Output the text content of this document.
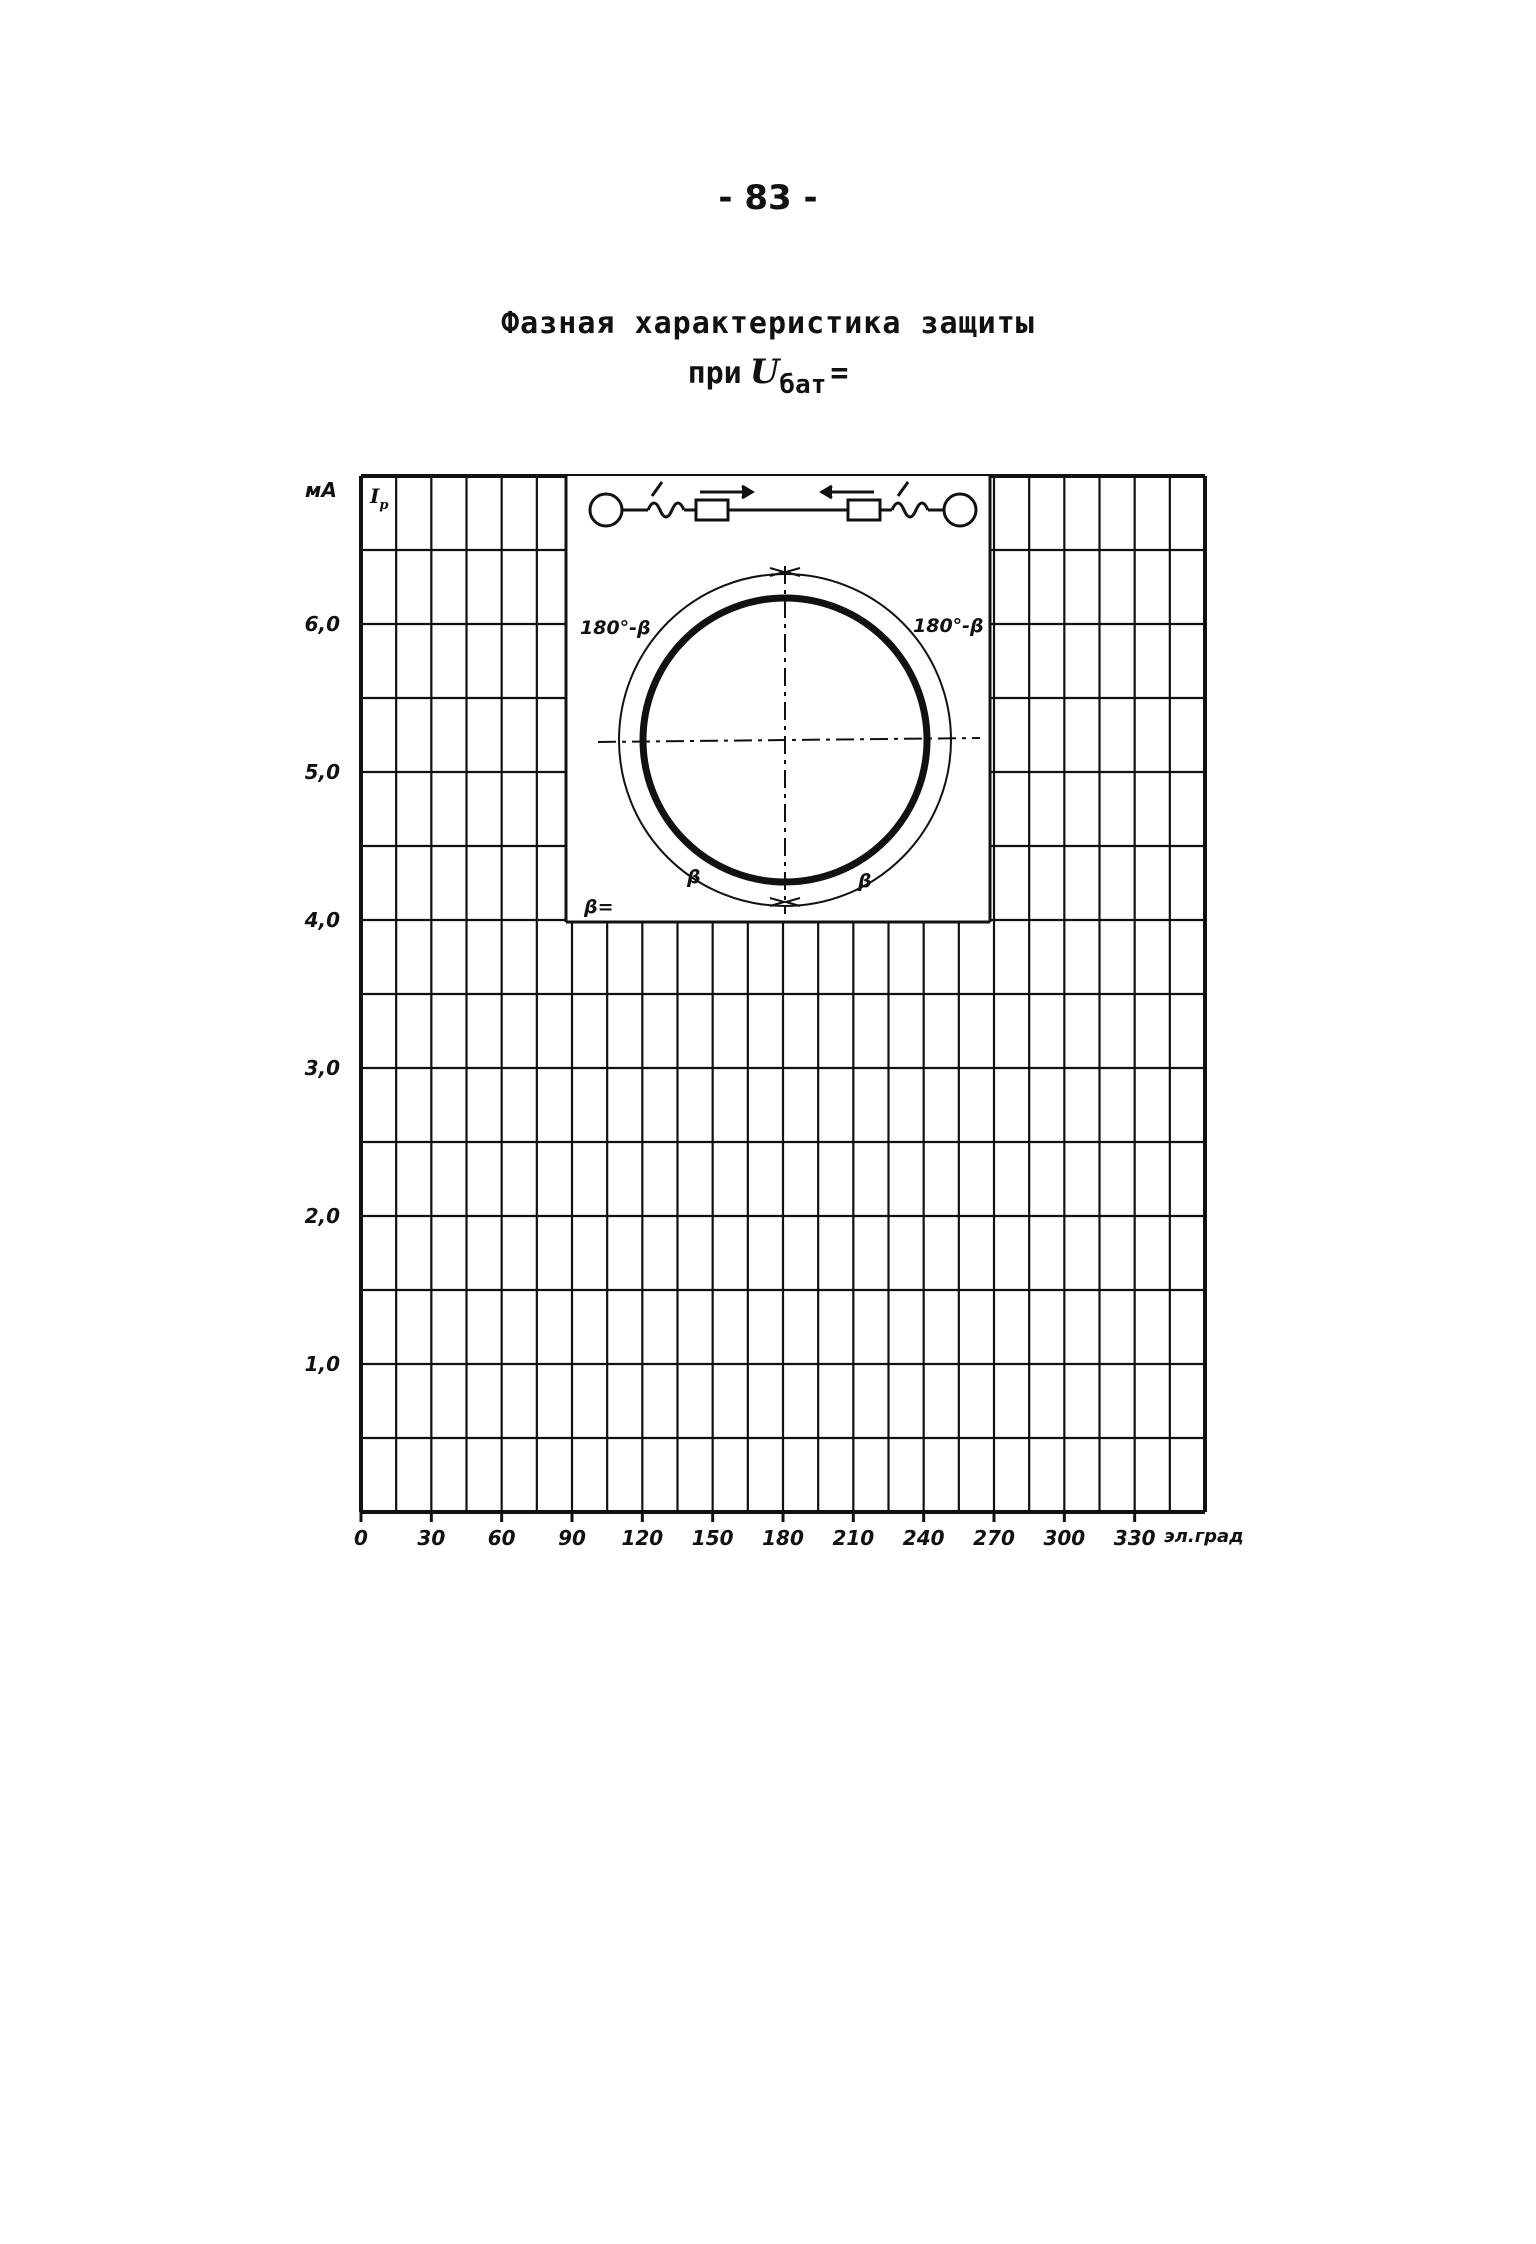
- 83 -
Фазная характеристика защиты
при Uбат =
180°-β	180°-β
β	β
β=
мА $I_р$
эл.град
6,0
5,0
4,0
3,0
2,0
1,0
0	30	60	90	120	150	180	210	240	270	300	330
